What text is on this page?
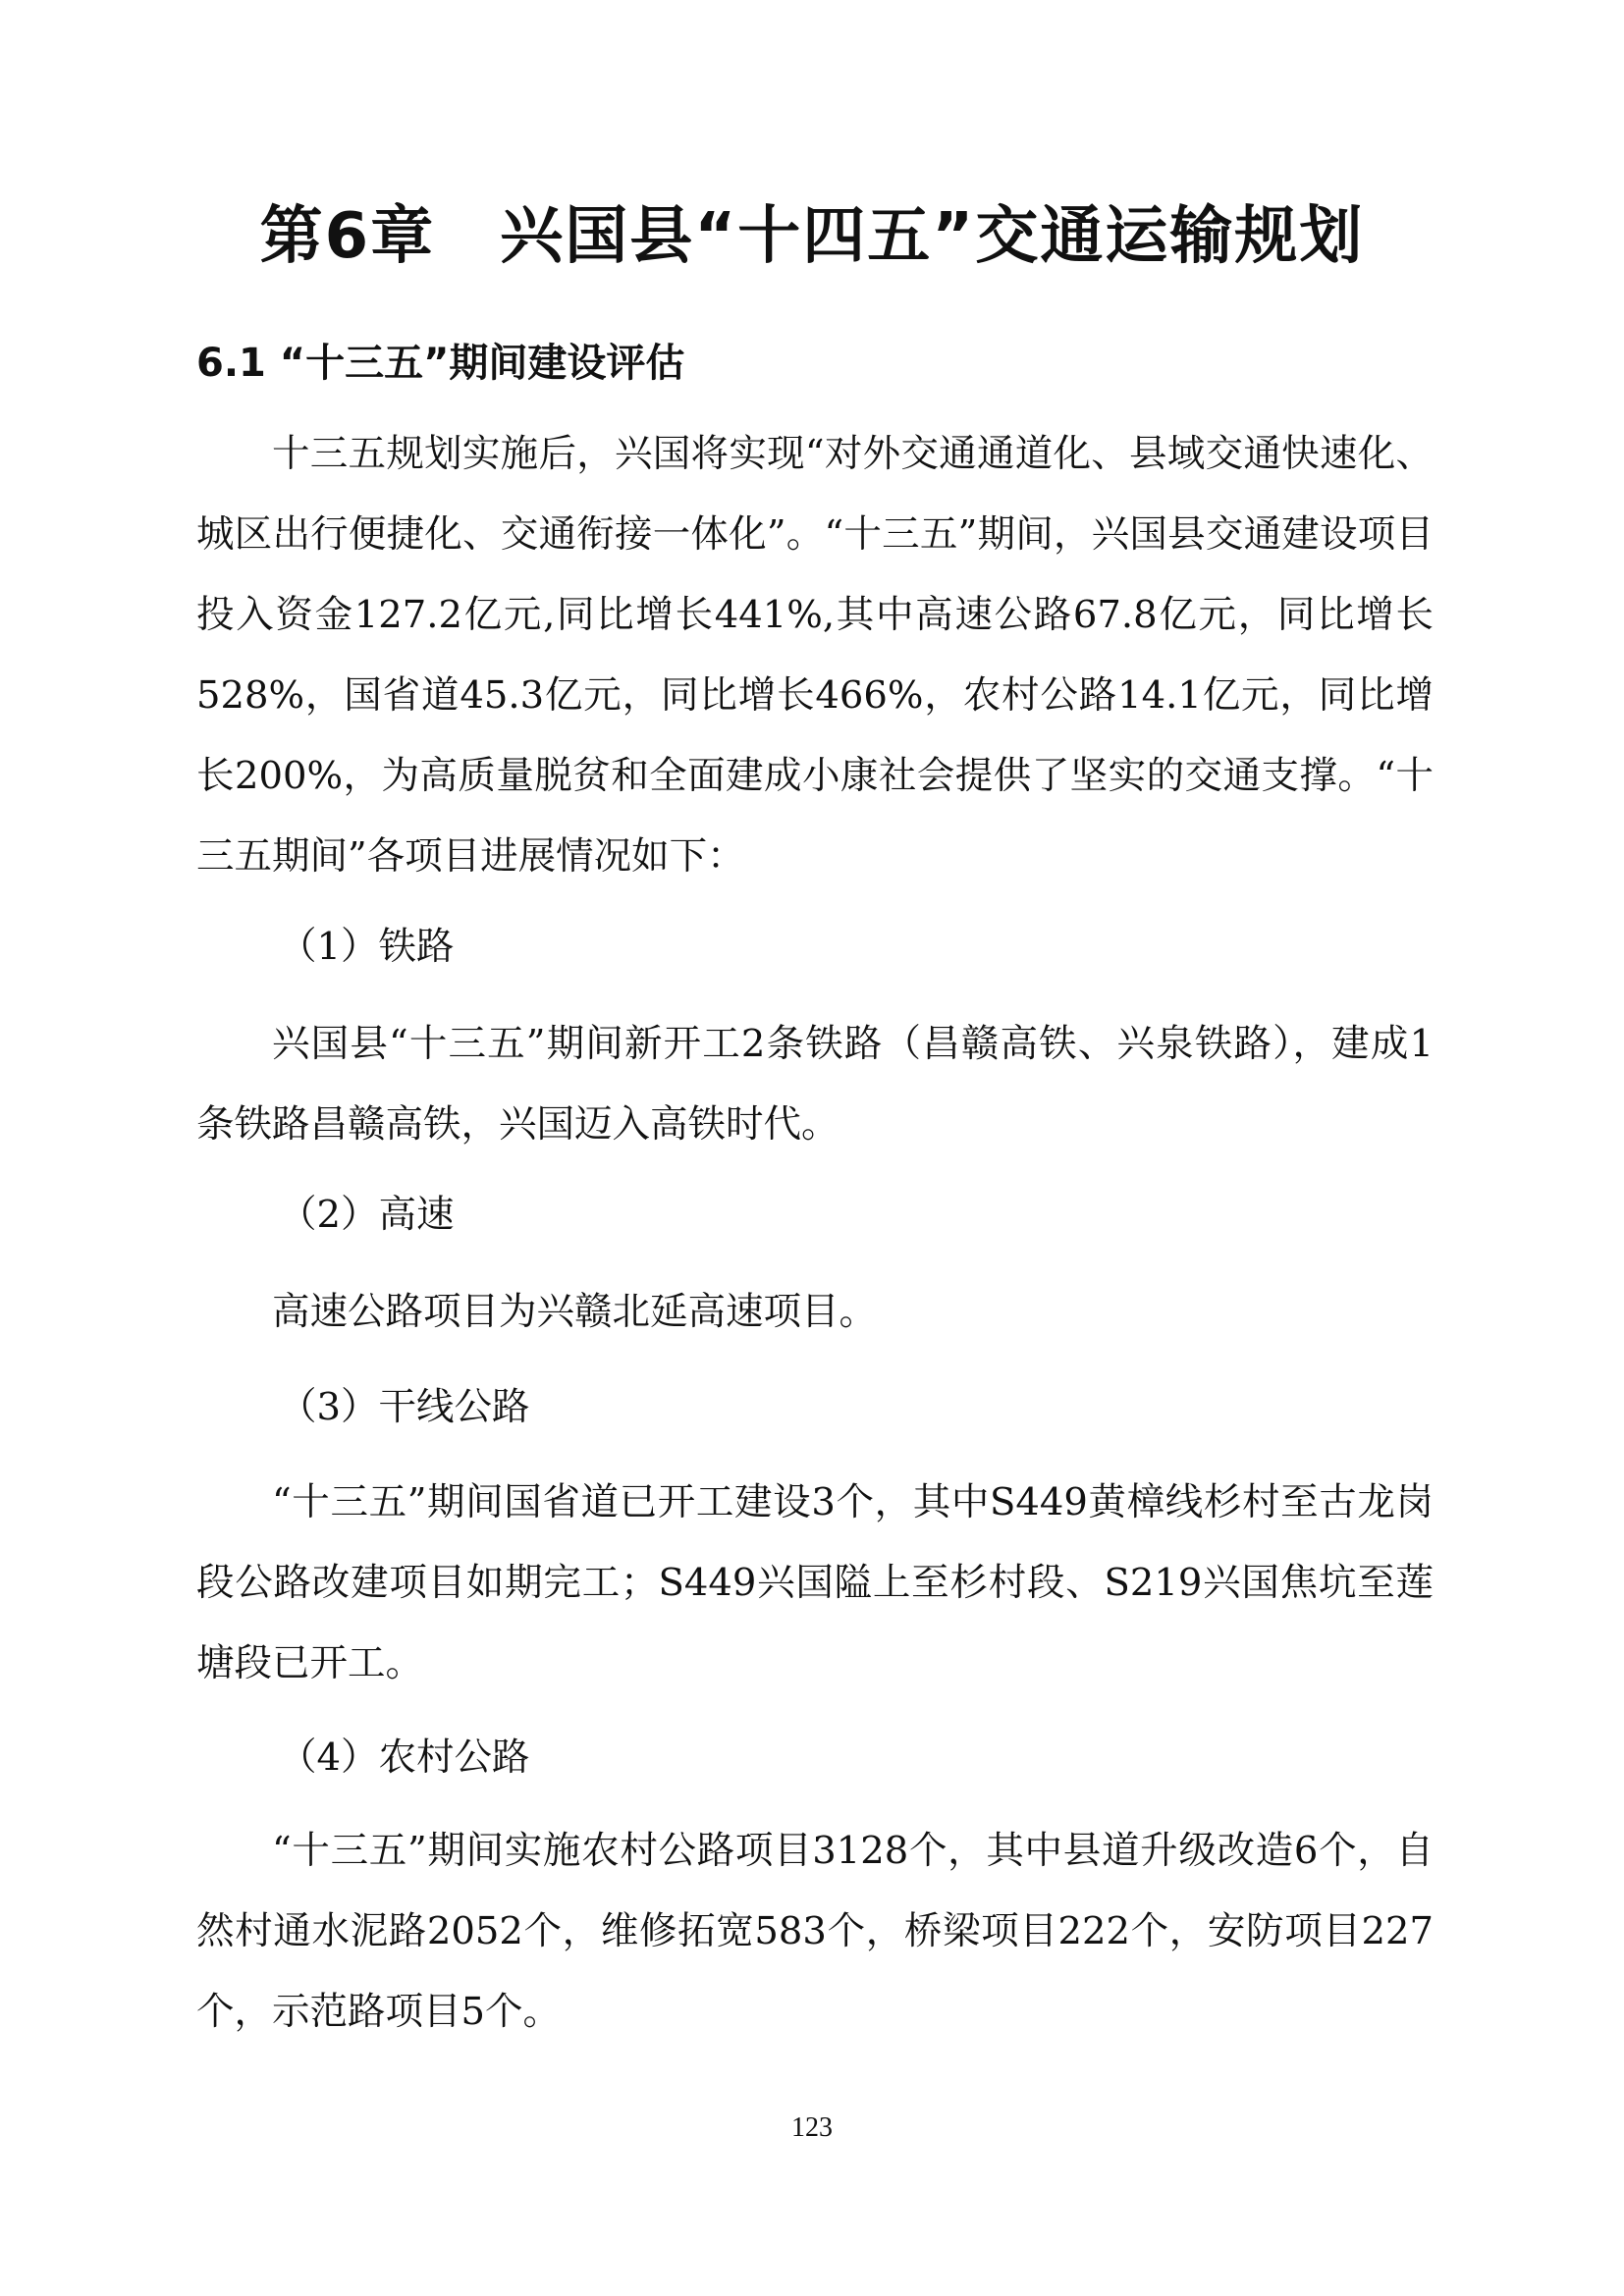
第6章　兴国县“十四五”交通运输规划
6.1 “十三五”期间建设评估

十三五规划实施后，兴国将实现“对外交通通道化、县域交通快速化、城区出行便捷化、交通衔接一体化”。“十三五”期间，兴国县交通建设项目投入资金127.2亿元,同比增长441%,其中高速公路67.8亿元，同比增长528%，国省道45.3亿元，同比增长466%，农村公路14.1亿元，同比增长200%，为高质量脱贫和全面建成小康社会提供了坚实的交通支撑。“十三五期间”各项目进展情况如下：

（1）铁路

兴国县“十三五”期间新开工2条铁路（昌赣高铁、兴泉铁路），建成1条铁路昌赣高铁，兴国迈入高铁时代。

（2）高速

高速公路项目为兴赣北延高速项目。

（3）干线公路

“十三五”期间国省道已开工建设3个，其中S449黄樟线杉村至古龙岗段公路改建项目如期完工；S449兴国隘上至杉村段、S219兴国焦坑至莲塘段已开工。

（4）农村公路

“十三五”期间实施农村公路项目3128个，其中县道升级改造6个，自然村通水泥路2052个，维修拓宽583个，桥梁项目222个，安防项目227个，示范路项目5个。

123
